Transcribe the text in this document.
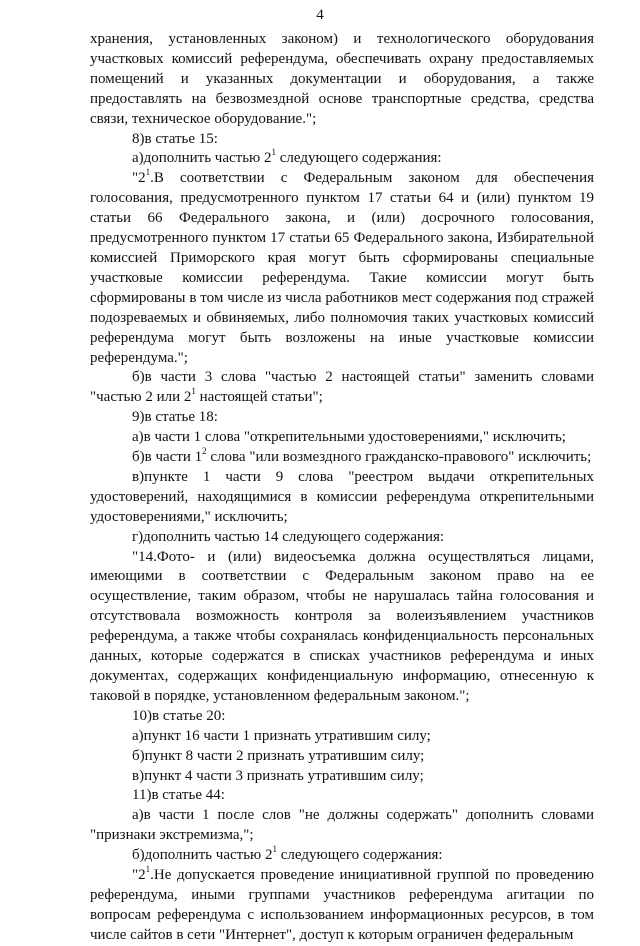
4

хранения, установленных законом) и технологического оборудования участковых комиссий референдума, обеспечивать охрану предоставляемых помещений и указанных документации и оборудования, а также предоставлять на безвозмездной основе транспортные средства, средства связи, техническое оборудование.";

8)в статье 15:

а)дополнить частью $2^1$ следующего содержания:

"$2^1.В$ соответствии с Федеральным законом для обеспечения голосования, предусмотренного пунктом 17 статьи 64 и (или) пунктом 19 статьи 66 Федерального закона, и (или) досрочного голосования, предусмотренного пунктом 17 статьи 65 Федерального закона, Избирательной комиссией Приморского края могут быть сформированы специальные участковые комиссии референдума. Такие комиссии могут быть сформированы в том числе из числа работников мест содержания под стражей подозреваемых и обвиняемых, либо полномочия таких участковых комиссий референдума могут быть возложены на иные участковые комиссии референдума.";

б)в части 3 слова "частью 2 настоящей статьи" заменить словами "частью 2 или $2^1$ настоящей статьи";

9)в статье 18:

а)в части 1 слова "открепительными удостоверениями," исключить;

б)в части $1^2$ слова "или возмездного гражданско-правового" исключить;

в)пункте 1 части 9 слова "реестром выдачи открепительных удостоверений, находящимися в комиссии референдума открепительными удостоверениями," исключить;

г)дополнить частью 14 следующего содержания:

"14.Фото- и (или) видеосъемка должна осуществляться лицами, имеющими в соответствии с Федеральным законом право на ее осуществление, таким образом, чтобы не нарушалась тайна голосования и отсутствовала возможность контроля за волеизъявлением участников референдума, а также чтобы сохранялась конфиденциальность персональных данных, которые содержатся в списках участников референдума и иных документах, содержащих конфиденциальную информацию, отнесенную к таковой в порядке, установленном федеральным законом.";

10)в статье 20:

а)пункт 16 части 1 признать утратившим силу;

б)пункт 8 части 2 признать утратившим силу;

в)пункт 4 части 3 признать утратившим силу;

11)в статье 44:

а)в части 1 после слов "не должны содержать" дополнить словами "признаки экстремизма,";

б)дополнить частью $2^1$ следующего содержания:

"$2^1.Не$ допускается проведение инициативной группой по проведению референдума, иными группами участников референдума агитации по вопросам референдума с использованием информационных ресурсов, в том числе сайтов в сети "Интернет", доступ к которым ограничен федеральным
